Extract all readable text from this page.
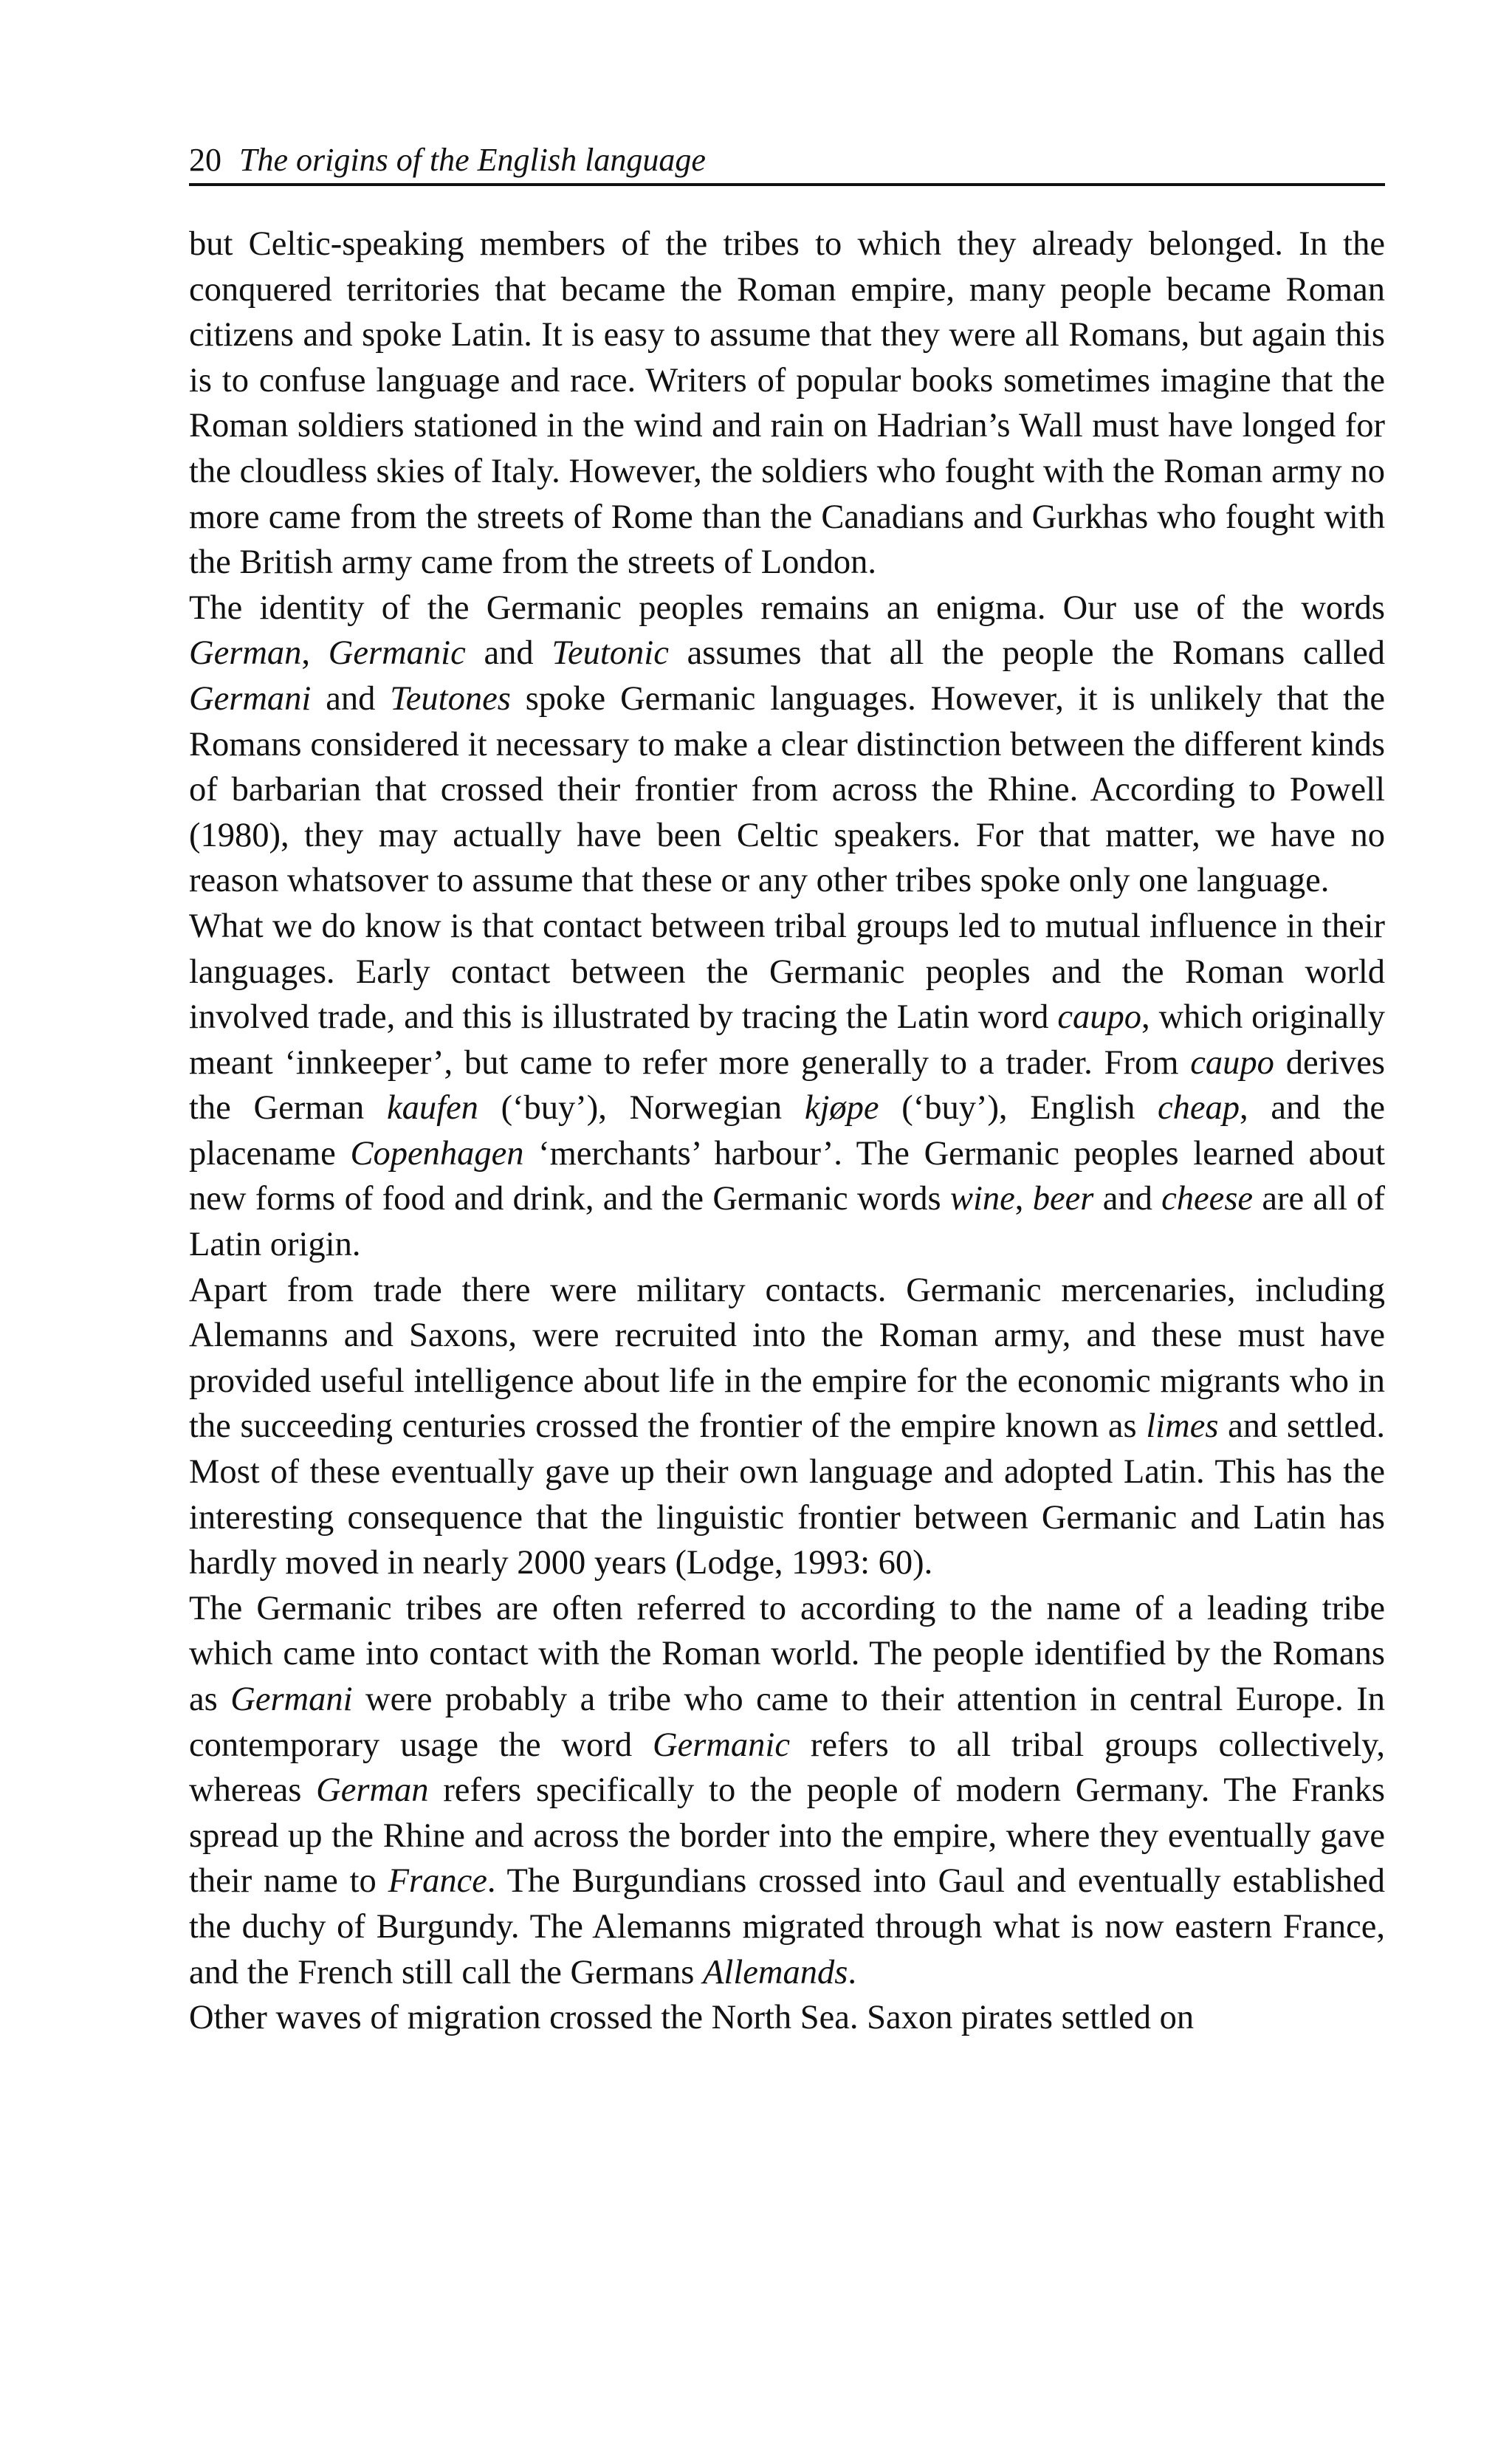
20 The origins of the English language

but Celtic-speaking members of the tribes to which they already belonged. In the conquered territories that became the Roman empire, many people became Roman citizens and spoke Latin. It is easy to assume that they were all Romans, but again this is to confuse language and race. Writers of popular books sometimes imagine that the Roman soldiers stationed in the wind and rain on Hadrian’s Wall must have longed for the cloudless skies of Italy. However, the soldiers who fought with the Roman army no more came from the streets of Rome than the Canadians and Gurkhas who fought with the British army came from the streets of London.

The identity of the Germanic peoples remains an enigma. Our use of the words German, Germanic and Teutonic assumes that all the people the Romans called Germani and Teutones spoke Germanic languages. However, it is unlikely that the Romans considered it necessary to make a clear distinction between the different kinds of barbarian that crossed their frontier from across the Rhine. According to Powell (1980), they may actually have been Celtic speakers. For that matter, we have no reason whatsover to assume that these or any other tribes spoke only one language.

What we do know is that contact between tribal groups led to mutual influence in their languages. Early contact between the Germanic peoples and the Roman world involved trade, and this is illustrated by tracing the Latin word caupo, which originally meant ‘innkeeper’, but came to refer more generally to a trader. From caupo derives the German kaufen (‘buy’), Norwegian kjøpe (‘buy’), English cheap, and the placename Copenhagen ‘merchants’ harbour’. The Germanic peoples learned about new forms of food and drink, and the Germanic words wine, beer and cheese are all of Latin origin.

Apart from trade there were military contacts. Germanic mercenaries, including Alemanns and Saxons, were recruited into the Roman army, and these must have provided useful intelligence about life in the empire for the economic migrants who in the succeeding centuries crossed the frontier of the empire known as limes and settled. Most of these eventually gave up their own language and adopted Latin. This has the interesting consequence that the linguistic frontier between Germanic and Latin has hardly moved in nearly 2000 years (Lodge, 1993: 60).

The Germanic tribes are often referred to according to the name of a leading tribe which came into contact with the Roman world. The people identified by the Romans as Germani were probably a tribe who came to their attention in central Europe. In contemporary usage the word Germanic refers to all tribal groups collectively, whereas German refers specifically to the people of modern Germany. The Franks spread up the Rhine and across the border into the empire, where they eventually gave their name to France. The Burgundians crossed into Gaul and eventually established the duchy of Burgundy. The Alemanns migrated through what is now eastern France, and the French still call the Germans Allemands.

Other waves of migration crossed the North Sea. Saxon pirates settled on
